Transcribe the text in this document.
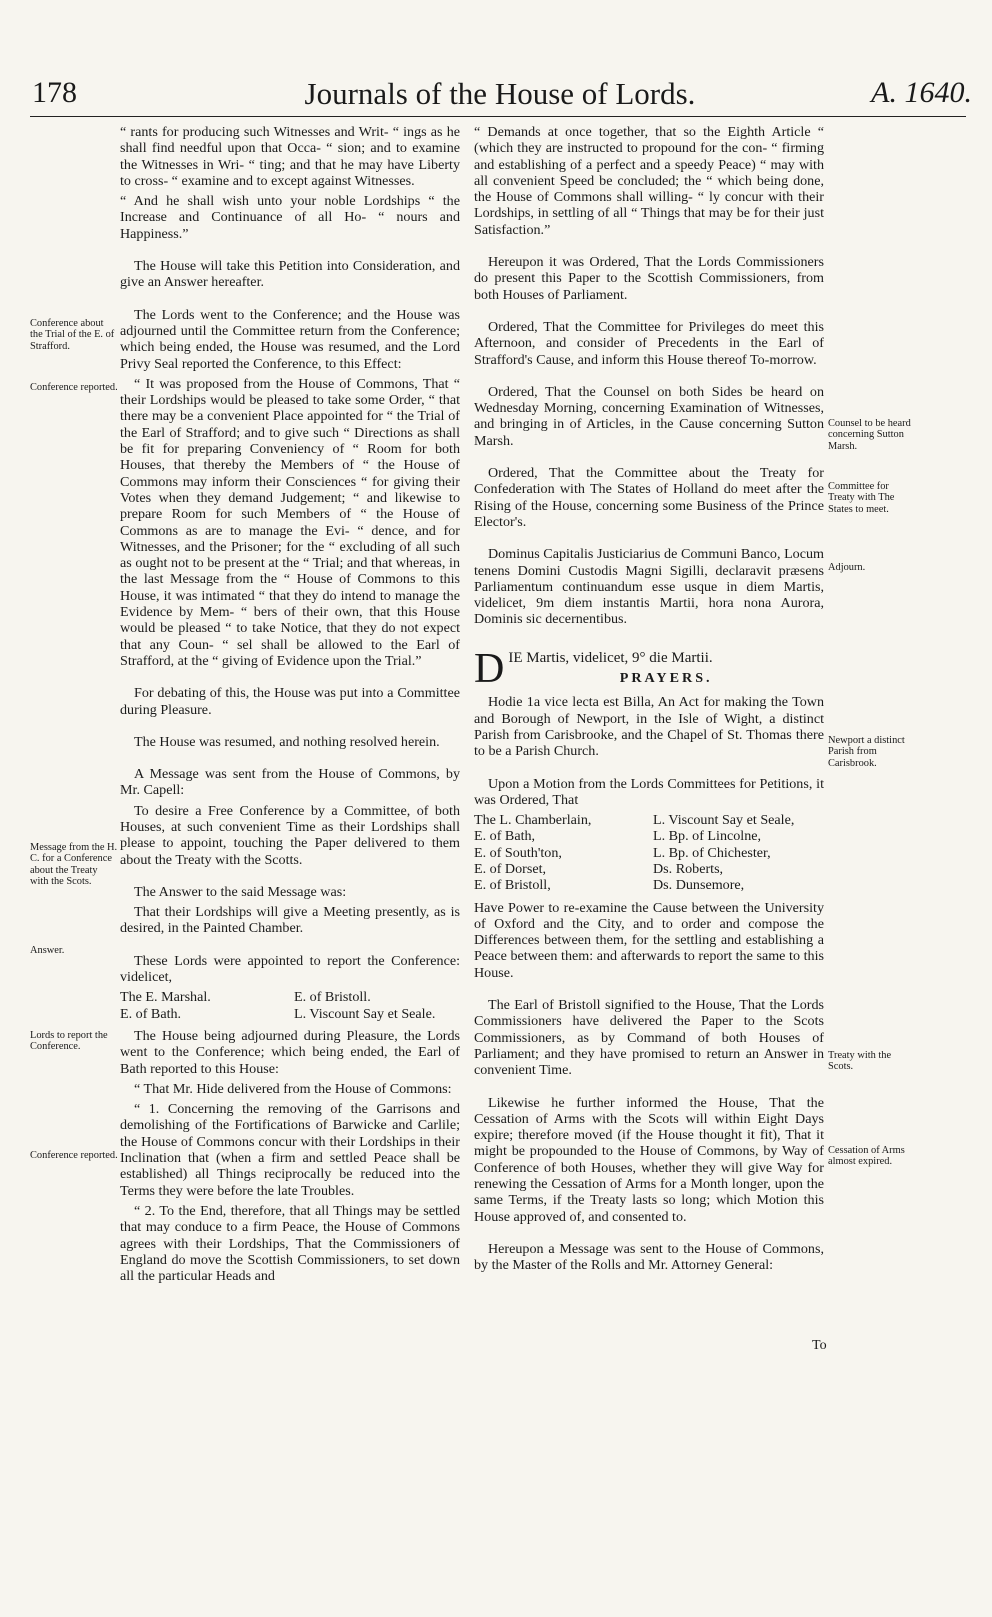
178	Journals of the House of Lords.	A. 1640.

“ rants for producing such Witnesses and Writ- “ ings as he shall find needful upon that Occa- “ sion; and to examine the Witnesses in Wri- “ ting; and that he may have Liberty to cross- “ examine and to except against Witnesses.

“ And he shall wish unto your noble Lordships “ the Increase and Continuance of all Ho- “ nours and Happiness.”

The House will take this Petition into Consideration, and give an Answer hereafter.

The Lords went to the Conference; and the House was adjourned until the Committee return from the Conference; which being ended, the House was resumed, and the Lord Privy Seal reported the Conference, to this Effect:

“ It was proposed from the House of Commons, That “ their Lordships would be pleased to take some Order, “ that there may be a convenient Place appointed for “ the Trial of the Earl of Strafford; and to give such “ Directions as shall be fit for preparing Conveniency of “ Room for both Houses, that thereby the Members of “ the House of Commons may inform their Consciences “ for giving their Votes when they demand Judgement; “ and likewise to prepare Room for such Members of “ the House of Commons as are to manage the Evi- “ dence, and for Witnesses, and the Prisoner; for the “ excluding of all such as ought not to be present at the “ Trial; and that whereas, in the last Message from the “ House of Commons to this House, it was intimated “ that they do intend to manage the Evidence by Mem- “ bers of their own, that this House would be pleased “ to take Notice, that they do not expect that any Coun- “ sel shall be allowed to the Earl of Strafford, at the “ giving of Evidence upon the Trial.”

For debating of this, the House was put into a Committee during Pleasure.

The House was resumed, and nothing resolved herein.

A Message was sent from the House of Commons, by Mr. Capell:

To desire a Free Conference by a Committee, of both Houses, at such convenient Time as their Lordships shall please to appoint, touching the Paper delivered to them about the Treaty with the Scotts.

The Answer to the said Message was:

That their Lordships will give a Meeting presently, as is desired, in the Painted Chamber.

These Lords were appointed to report the Conference: videlicet,

The E. Marshal.	E. of Bristoll.
E. of Bath.	L. Viscount Say et Seale.

The House being adjourned during Pleasure, the Lords went to the Conference; which being ended, the Earl of Bath reported to this House:

“ That Mr. Hide delivered from the House of Commons:

“ 1. Concerning the removing of the Garrisons and demolishing of the Fortifications of Barwicke and Carlile; the House of Commons concur with their Lordships in their Inclination that (when a firm and settled Peace shall be established) all Things reciprocally be reduced into the Terms they were before the late Troubles.

“ 2. To the End, therefore, that all Things may be settled that may conduce to a firm Peace, the House of Commons agrees with their Lordships, That the Commissioners of England do move the Scottish Commissioners, to set down all the particular Heads and

“ Demands at once together, that so the Eighth Article “ (which they are instructed to propound for the con- “ firming and establishing of a perfect and a speedy Peace) “ may with all convenient Speed be concluded; the “ which being done, the House of Commons shall willing- “ ly concur with their Lordships, in settling of all “ Things that may be for their just Satisfaction.”

Hereupon it was Ordered, That the Lords Commissioners do present this Paper to the Scottish Commissioners, from both Houses of Parliament.

Ordered, That the Committee for Privileges do meet this Afternoon, and consider of Precedents in the Earl of Strafford's Cause, and inform this House thereof To-morrow.

Ordered, That the Counsel on both Sides be heard on Wednesday Morning, concerning Examination of Witnesses, and bringing in of Articles, in the Cause concerning Sutton Marsh.

Ordered, That the Committee about the Treaty for Confederation with The States of Holland do meet after the Rising of the House, concerning some Business of the Prince Elector's.

Dominus Capitalis Justiciarius de Communi Banco, Locum tenens Domini Custodis Magni Sigilli, declaravit præsens Parliamentum continuandum esse usque in diem Martis, videlicet, 9m diem instantis Martii, hora nona Aurora, Dominis sic decernentibus.

D IE Martis, videlicet, 9° die Martii.
PRAYERS.

Hodie 1a vice lecta est Billa, An Act for making the Town and Borough of Newport, in the Isle of Wight, a distinct Parish from Carisbrooke, and the Chapel of St. Thomas there to be a Parish Church.

Upon a Motion from the Lords Committees for Petitions, it was Ordered, That

The L. Chamberlain,	L. Viscount Say et Seale,
E. of Bath,	L. Bp. of Lincolne,
E. of South'ton,	L. Bp. of Chichester,
E. of Dorset,	Ds. Roberts,
E. of Bristoll,	Ds. Dunsemore,

Have Power to re-examine the Cause between the University of Oxford and the City, and to order and compose the Differences between them, for the settling and establishing a Peace between them: and afterwards to report the same to this House.

The Earl of Bristoll signified to the House, That the Lords Commissioners have delivered the Paper to the Scots Commissioners, as by Command of both Houses of Parliament; and they have promised to return an Answer in convenient Time.

Likewise he further informed the House, That the Cessation of Arms with the Scots will within Eight Days expire; therefore moved (if the House thought it fit), That it might be propounded to the House of Commons, by Way of Conference of both Houses, whether they will give Way for renewing the Cessation of Arms for a Month longer, upon the same Terms, if the Treaty lasts so long; which Motion this House approved of, and consented to.

Hereupon a Message was sent to the House of Commons, by the Master of the Rolls and Mr. Attorney General:

To
Conference about the Trial of the E. of Strafford.
Conference reported.
Message from the H. C. for a Conference about the Treaty with the Scots.
Answer.
Lords to report the Conference.
Conference reported.
Counsel to be heard concerning Sutton Marsh.
Committee for Treaty with The States to meet.
Adjourn.
Newport a distinct Parish from Carisbrook.
Treaty with the Scots.
Cessation of Arms almost expired.
